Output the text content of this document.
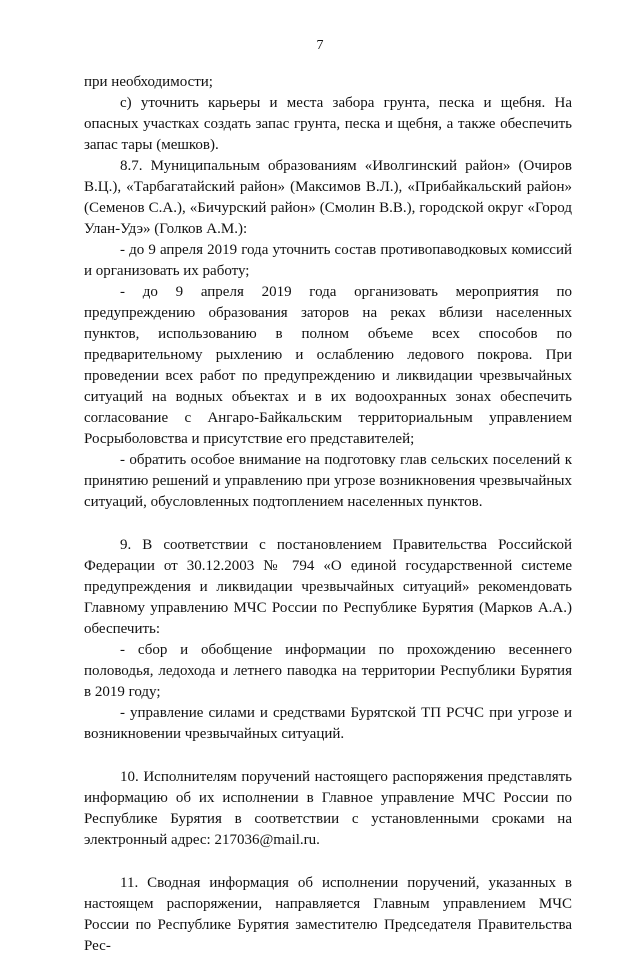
7

при необходимости;

с) уточнить карьеры и места забора грунта, песка и щебня. На опасных участках создать запас грунта, песка и щебня, а также обеспечить запас тары (мешков).

8.7. Муниципальным образованиям «Иволгинский район» (Очиров В.Ц.), «Тарбагатайский район» (Максимов В.Л.), «Прибайкальский район» (Семенов С.А.), «Бичурский район» (Смолин В.В.), городской округ «Город Улан-Удэ» (Голков А.М.):

- до 9 апреля 2019 года уточнить состав противопаводковых комиссий и организовать их работу;

- до 9 апреля 2019 года организовать мероприятия по предупреждению образования заторов на реках вблизи населенных пунктов, использованию в полном объеме всех способов по предварительному рыхлению и ослаблению ледового покрова. При проведении всех работ по предупреждению и ликвидации чрезвычайных ситуаций на водных объектах и в их водоохранных зонах обеспечить согласование с Ангаро-Байкальским территориальным управлением Росрыболовства и присутствие его представителей;

- обратить особое внимание на подготовку глав сельских поселений к принятию решений и управлению при угрозе возникновения чрезвычайных ситуаций, обусловленных подтоплением населенных пунктов.

9. В соответствии с постановлением Правительства Российской Федерации от 30.12.2003 № 794 «О единой государственной системе предупреждения и ликвидации чрезвычайных ситуаций» рекомендовать Главному управлению МЧС России по Республике Бурятия (Марков А.А.) обеспечить:

- сбор и обобщение информации по прохождению весеннего половодья, ледохода и летнего паводка на территории Республики Бурятия в 2019 году;

- управление силами и средствами Бурятской ТП РСЧС при угрозе и возникновении чрезвычайных ситуаций.

10. Исполнителям поручений настоящего распоряжения представлять информацию об их исполнении в Главное управление МЧС России по Республике Бурятия в соответствии с установленными сроками на электронный адрес: 217036@mail.ru.

11. Сводная информация об исполнении поручений, указанных в настоящем распоряжении, направляется Главным управлением МЧС России по Республике Бурятия заместителю Председателя Правительства Рес-
